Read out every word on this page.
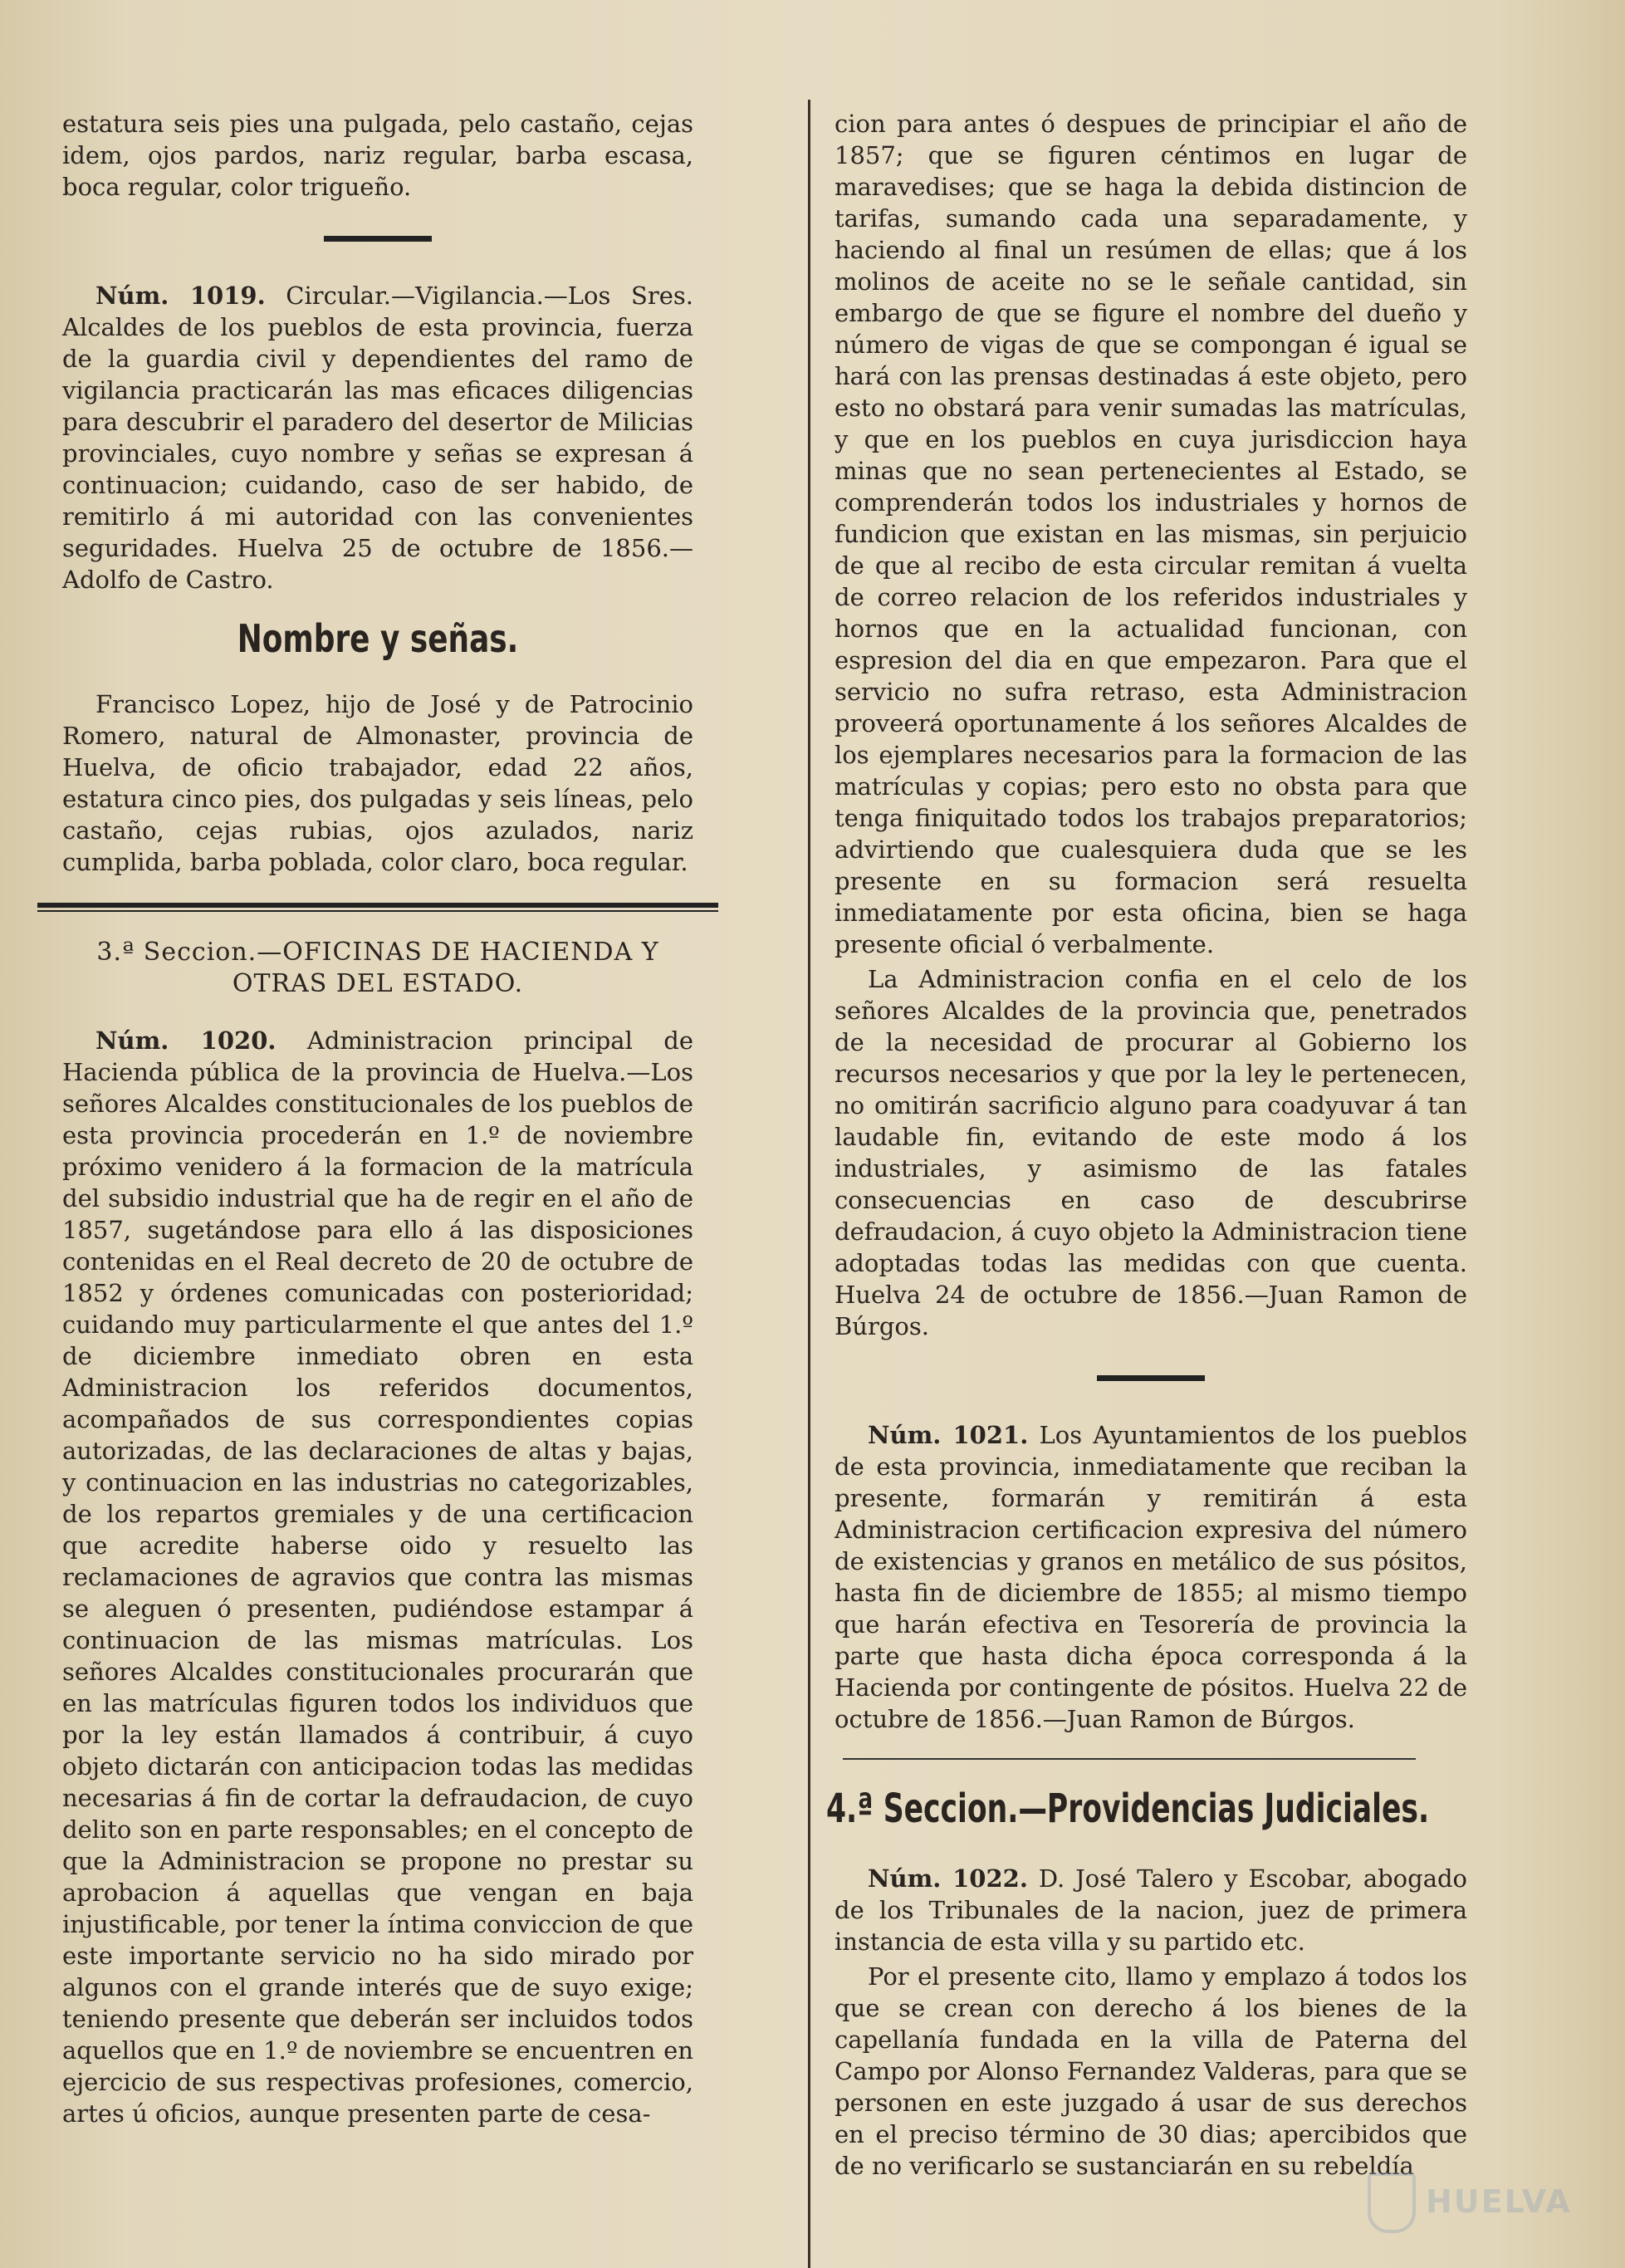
estatura seis pies una pulgada, pelo castaño, cejas idem, ojos pardos, nariz regular, barba escasa, boca regular, color trigueño.

Núm. 1019. Circular.—Vigilancia.—Los Sres. Alcaldes de los pueblos de esta provincia, fuerza de la guardia civil y dependientes del ramo de vigilancia practicarán las mas eficaces diligencias para descubrir el paradero del desertor de Milicias provinciales, cuyo nombre y señas se expresan á continuacion; cuidando, caso de ser habido, de remitirlo á mi autoridad con las convenientes seguridades. Huelva 25 de octubre de 1856.—Adolfo de Castro.

Nombre y señas.

Francisco Lopez, hijo de José y de Patrocinio Romero, natural de Almonaster, provincia de Huelva, de oficio trabajador, edad 22 años, estatura cinco pies, dos pulgadas y seis líneas, pelo castaño, cejas rubias, ojos azulados, nariz cumplida, barba poblada, color claro, boca regular.

3.ª Seccion.—OFICINAS DE HACIENDA Y OTRAS DEL ESTADO.

Núm. 1020. Administracion principal de Hacienda pública de la provincia de Huelva.—Los señores Alcaldes constitucionales de los pueblos de esta provincia procederán en 1.º de noviembre próximo venidero á la formacion de la matrícula del subsidio industrial que ha de regir en el año de 1857, sugetándose para ello á las disposiciones contenidas en el Real decreto de 20 de octubre de 1852 y órdenes comunicadas con posterioridad; cuidando muy particularmente el que antes del 1.º de diciembre inmediato obren en esta Administracion los referidos documentos, acompañados de sus correspondientes copias autorizadas, de las declaraciones de altas y bajas, y continuacion en las industrias no categorizables, de los repartos gremiales y de una certificacion que acredite haberse oido y resuelto las reclamaciones de agravios que contra las mismas se aleguen ó presenten, pudiéndose estampar á continuacion de las mismas matrículas. Los señores Alcaldes constitucionales procurarán que en las matrículas figuren todos los individuos que por la ley están llamados á contribuir, á cuyo objeto dictarán con anticipacion todas las medidas necesarias á fin de cortar la defraudacion, de cuyo delito son en parte responsables; en el concepto de que la Administracion se propone no prestar su aprobacion á aquellas que vengan en baja injustificable, por tener la íntima conviccion de que este importante servicio no ha sido mirado por algunos con el grande interés que de suyo exige; teniendo presente que deberán ser incluidos todos aquellos que en 1.º de noviembre se encuentren en ejercicio de sus respectivas profesiones, comercio, artes ú oficios, aunque presenten parte de cesa-

cion para antes ó despues de principiar el año de 1857; que se figuren céntimos en lugar de maravedises; que se haga la debida distincion de tarifas, sumando cada una separadamente, y haciendo al final un resúmen de ellas; que á los molinos de aceite no se le señale cantidad, sin embargo de que se figure el nombre del dueño y número de vigas de que se compongan é igual se hará con las prensas destinadas á este objeto, pero esto no obstará para venir sumadas las matrículas, y que en los pueblos en cuya jurisdiccion haya minas que no sean pertenecientes al Estado, se comprenderán todos los industriales y hornos de fundicion que existan en las mismas, sin perjuicio de que al recibo de esta circular remitan á vuelta de correo relacion de los referidos industriales y hornos que en la actualidad funcionan, con espresion del dia en que empezaron. Para que el servicio no sufra retraso, esta Administracion proveerá oportunamente á los señores Alcaldes de los ejemplares necesarios para la formacion de las matrículas y copias; pero esto no obsta para que tenga finiquitado todos los trabajos preparatorios; advirtiendo que cualesquiera duda que se les presente en su formacion será resuelta inmediatamente por esta oficina, bien se haga presente oficial ó verbalmente.

La Administracion confia en el celo de los señores Alcaldes de la provincia que, penetrados de la necesidad de procurar al Gobierno los recursos necesarios y que por la ley le pertenecen, no omitirán sacrificio alguno para coadyuvar á tan laudable fin, evitando de este modo á los industriales, y asimismo de las fatales consecuencias en caso de descubrirse defraudacion, á cuyo objeto la Administracion tiene adoptadas todas las medidas con que cuenta. Huelva 24 de octubre de 1856.—Juan Ramon de Búrgos.

Núm. 1021. Los Ayuntamientos de los pueblos de esta provincia, inmediatamente que reciban la presente, formarán y remitirán á esta Administracion certificacion expresiva del número de existencias y granos en metálico de sus pósitos, hasta fin de diciembre de 1855; al mismo tiempo que harán efectiva en Tesorería de provincia la parte que hasta dicha época corresponda á la Hacienda por contingente de pósitos. Huelva 22 de octubre de 1856.—Juan Ramon de Búrgos.

4.ª Seccion.—Providencias Judiciales.

Núm. 1022. D. José Talero y Escobar, abogado de los Tribunales de la nacion, juez de primera instancia de esta villa y su partido etc.

Por el presente cito, llamo y emplazo á todos los que se crean con derecho á los bienes de la capellanía fundada en la villa de Paterna del Campo por Alonso Fernandez Valderas, para que se personen en este juzgado á usar de sus derechos en el preciso término de 30 dias; apercibidos que de no verificarlo se sustanciarán en su rebeldía

HUELVA
